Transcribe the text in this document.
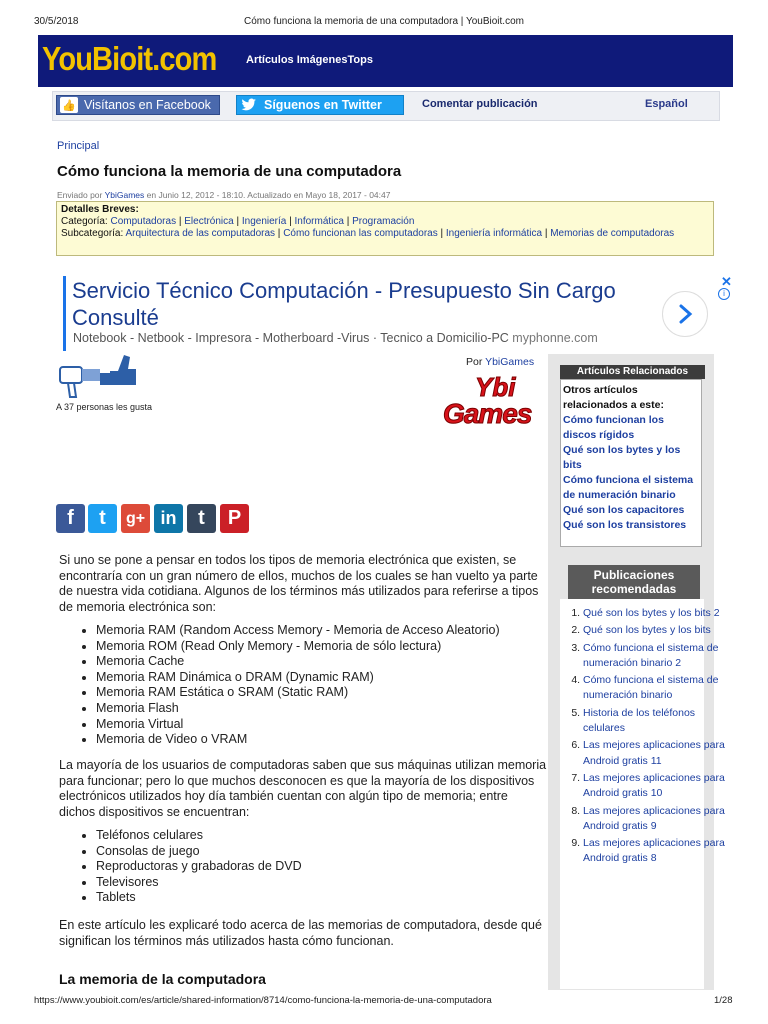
30/5/2018	Cómo funciona la memoria de una computadora | YouBioit.com
YouBioit.com	Artículos ImágenesTops
👍 Visítanos en Facebook	Síguenos en Twitter	Comentar publicación	Español
Principal
Cómo funciona la memoria de una computadora
Enviado por YbiGames en Junio 12, 2012 - 18:10. Actualizado en Mayo 18, 2017 - 04:47
Detalles Breves:
Categoría: Computadoras | Electrónica | Ingeniería | Informática | Programación
Subcategoría: Arquitectura de las computadoras | Cómo funcionan las computadoras | Ingeniería informática | Memorias de computadoras
Servicio Técnico Computación - Presupuesto Sin Cargo Consulté
Notebook - Netbook - Impresora - Motherboard -Virus · Tecnico a Domicilio-PC myphonne.com
✕
i
A 37 personas les gusta
Por YbiGames
Ybi
Games
f	t	g+ in	t	P
Si uno se pone a pensar en todos los tipos de memoria electrónica que existen, se encontraría con un gran número de ellos, muchos de los cuales se han vuelto ya parte de nuestra vida cotidiana. Algunos de los términos más utilizados para referirse a tipos de memoria electrónica son:
• Memoria RAM (Random Access Memory - Memoria de Acceso Aleatorio)
• Memoria ROM (Read Only Memory - Memoria de sólo lectura)
• Memoria Cache
• Memoria RAM Dinámica o DRAM (Dynamic RAM)
• Memoria RAM Estática o SRAM (Static RAM)
• Memoria Flash
• Memoria Virtual
• Memoria de Video o VRAM
La mayoría de los usuarios de computadoras saben que sus máquinas utilizan memoria para funcionar; pero lo que muchos desconocen es que la mayoría de los dispositivos electrónicos utilizados hoy día también cuentan con algún tipo de memoria; entre dichos dispositivos se encuentran:
• Teléfonos celulares
• Consolas de juego
• Reproductoras y grabadoras de DVD
• Televisores
• Tablets
En este artículo les explicaré todo acerca de las memorias de computadora, desde qué significan los términos más utilizados hasta cómo funcionan.
La memoria de la computadora
Artículos Relacionados
Otros artículos relacionados a este:
Cómo funcionan los discos rígidos
Qué son los bytes y los bits
Cómo funciona el sistema de numeración binario
Qué son los capacitores
Qué son los transistores
Publicaciones recomendadas
1. Qué son los bytes y los bits 2
2. Qué son los bytes y los bits
3. Cómo funciona el sistema de numeración binario 2
4. Cómo funciona el sistema de numeración binario
5. Historia de los teléfonos celulares
6. Las mejores aplicaciones para Android gratis 11
7. Las mejores aplicaciones para Android gratis 10
8. Las mejores aplicaciones para Android gratis 9
9. Las mejores aplicaciones para Android gratis 8
https://www.youbioit.com/es/article/shared-information/8714/como-funciona-la-memoria-de-una-computadora	1/28
